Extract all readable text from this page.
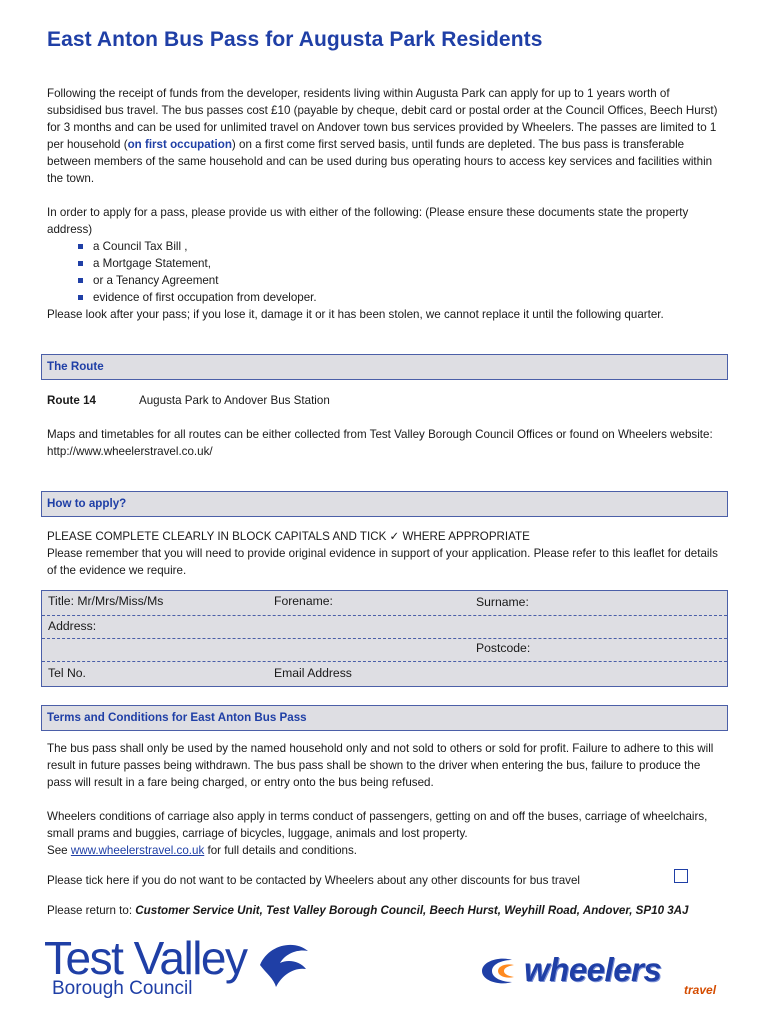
East Anton Bus Pass for Augusta Park Residents

Following the receipt of funds from the developer, residents living within Augusta Park can apply for up to 1 years worth of subsidised bus travel. The bus passes cost £10 (payable by cheque, debit card or postal order at the Council Offices, Beech Hurst) for 3 months and can be used for unlimited travel on Andover town bus services provided by Wheelers. The passes are limited to 1 per household (on first occupation) on a first come first served basis, until funds are depleted. The bus pass is transferable between members of the same household and can be used during bus operating hours to access key services and facilities within the town.

In order to apply for a pass, please provide us with either of the following: (Please ensure these documents state the property address)

a Council Tax Bill ,
a Mortgage Statement,
or a Tenancy Agreement
evidence of first occupation from developer.

Please look after your pass; if you lose it, damage it or it has been stolen, we cannot replace it until the following quarter.

The Route
Route 14	Augusta Park to Andover Bus Station

Maps and timetables for all routes can be either collected from Test Valley Borough Council Offices or found on Wheelers website: http://www.wheelerstravel.co.uk/

How to apply?

PLEASE COMPLETE CLEARLY IN BLOCK CAPITALS AND TICK ✓ WHERE APPROPRIATE

Please remember that you will need to provide original evidence in support of your application. Please refer to this leaflet for details of the evidence we require.

Title: Mr/Mrs/Miss/Ms	Forename:	Surname:
Address:
Postcode:
Tel No.	Email Address
Terms and Conditions for East Anton Bus Pass

The bus pass shall only be used by the named household only and not sold to others or sold for profit. Failure to adhere to this will result in future passes being withdrawn. The bus pass shall be shown to the driver when entering the bus, failure to produce the pass will result in a fare being charged, or entry onto the bus being refused.

Wheelers conditions of carriage also apply in terms conduct of passengers, getting on and off the buses, carriage of wheelchairs, small prams and buggies, carriage of bicycles, luggage, animals and lost property.

See www.wheelerstravel.co.uk for full details and conditions.

Please tick here if you do not want to be contacted by Wheelers about any other discounts for bus travel

Please return to: Customer Service Unit, Test Valley Borough Council, Beech Hurst, Weyhill Road, Andover, SP10 3AJ
Test Valley
Borough Council
wheelers
travel
